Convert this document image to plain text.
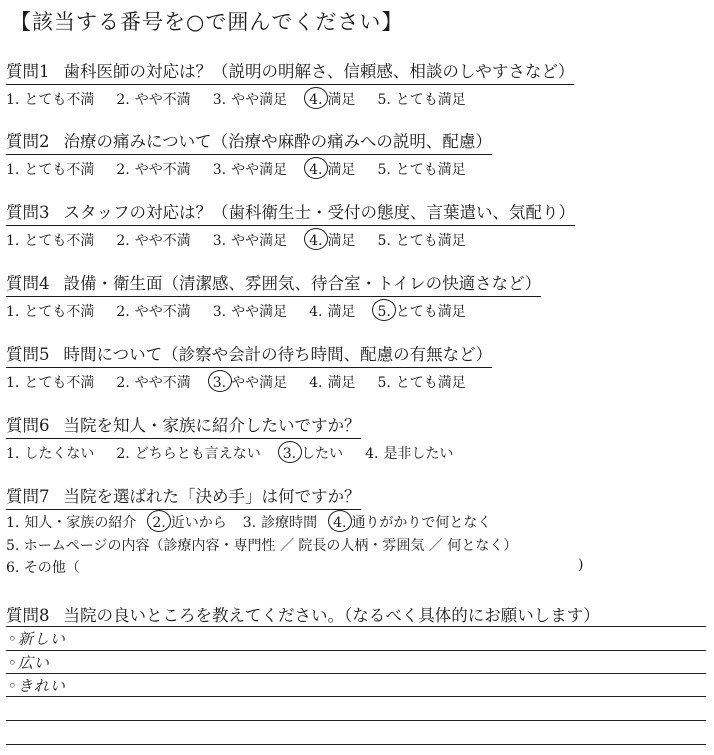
【該当する番号を○で囲んでください】
質問1 歯科医師の対応は？（説明の明解さ、信頼感、相談のしやすさなど）
1. とても不満 2. やや不満 3. やや満足 4. 満足 5. とても満足
質問2 治療の痛みについて（治療や麻酔の痛みへの説明、配慮）
1. とても不満 2. やや不満 3. やや満足 4. 満足 5. とても満足
質問3 スタッフの対応は？（歯科衛生士・受付の態度、言葉遣い、気配り）
1. とても不満 2. やや不満 3. やや満足 4. 満足 5. とても満足
質問4 設備・衛生面（清潔感、雰囲気、待合室・トイレの快適さなど）
1. とても不満 2. やや不満 3. やや満足 4. 満足 5. とても満足
質問5 時間について（診察や会計の待ち時間、配慮の有無など）
1. とても不満 2. やや不満 3. やや満足 4. 満足 5. とても満足
質問6 当院を知人・家族に紹介したいですか？
1. したくない 2. どちらとも言えない 3. したい 4. 是非したい
質問7 当院を選ばれた「決め手」は何ですか？
1. 知人・家族の紹介 2. 近いから 3. 診療時間 4. 通りがかりで何となく
5. ホームページの内容（診療内容・専門性 ／ 院長の人柄・雰囲気 ／ 何となく）
6. その他（	)
質問8 当院の良いところを教えてください。（なるべく具体的にお願いします）
◦新しい
◦広い
◦きれい
